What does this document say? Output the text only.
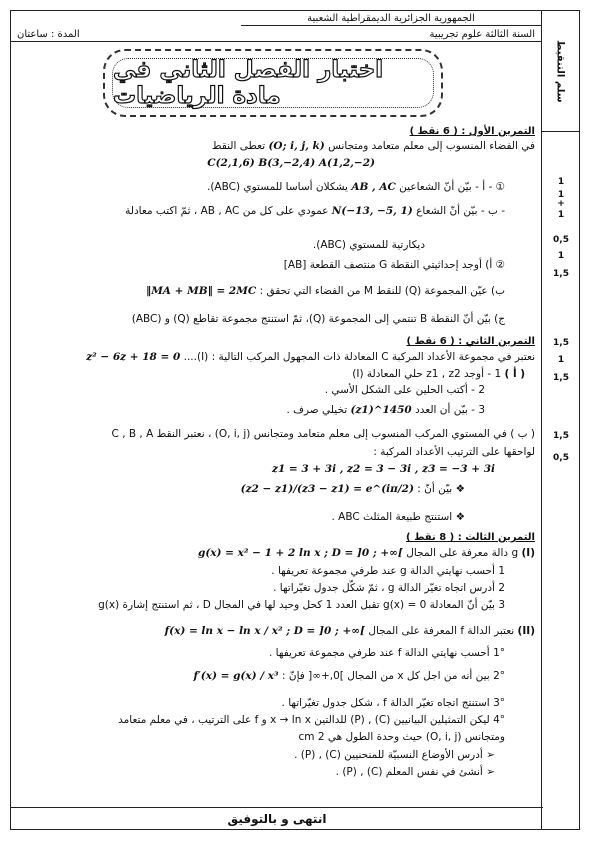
الجمهورية الجزائرية الديمقراطية الشعبية
السنة الثالثة علوم تجريبية
المدة : ساعتان
سلم التنقيط
1
1
+
1
0,5
1
1,5
1,5
1
1,5
1,5
0,5
اختبار الفصل الثاني في مادة الرياضيات
التمرين الأول : ( 6 نقط )
في الفضاء المنسوب إلى معلم متعامد ومتجانس (O; i, j, k) تعطى النقط
C(2,1,6) B(3,−2,4) A(1,2,−2)
① - أ - بيّن أنّ الشعاعين AB , AC يشكلان أساسا للمستوي (ABC).
- ب - بيّن أنّ الشعاع N(−13, −5, 1) عمودي على كل من AB , AC ، ثمّ اكتب معادلة
ديكارتية للمستوي (ABC).
② أ) أوجد إحداثيتي النقطة G منتصف القطعة [AB]
ب) عيّن المجموعة (Q) للنقط M من الفضاء التي تحقق : ‖MA + MB‖ = 2MC
ج) بيّن أنّ النقطة B تنتمي إلى المجموعة (Q)، ثمّ استنتج مجموعة تقاطع (Q) و (ABC)
التمرين الثاني : ( 6 نقط )
نعتبر في مجموعة الأعداد المركبة C المعادلة ذات المجهول المركب التالية : (I).... z² − 6z + 18 = 0
( أ ) 1 - أوجد z1 , z2 حلي المعادلة (I)
2 - أكتب الحلين على الشكل الأسي .
3 - بيّن أن العدد (z1)^1450 تخيلي صرف .
( ب ) في المستوي المركب المنسوب إلى معلم متعامد ومتجانس (O, i, j) ، نعتبر النقط C , B , A
لواحقها على الترتيب الأعداد المركبة :
z1 = 3 + 3i , z2 = 3 − 3i , z3 = −3 + 3i
❖ بيّن أنّ : (z2 − z1)/(z3 − z1) = e^(iπ/2)
❖ استنتج طبيعة المثلث ABC .
التمرين الثالث : ( 8 نقط )
(I) g دالة معرفة على المجال g(x) = x² − 1 + 2 ln x ; D = ]0 ; +∞[
1 أحسب نهايتي الدالة g عند طرفي مجموعة تعريفها .
2 أدرس اتجاه تغيّر الدالة g ، ثمّ شكّل جدول تغيّراتها .
3 بيّن أنّ المعادلة g(x) = 0 تقبل العدد 1 كحل وحيد لها في المجال D ، ثم استنتج إشارة g(x)
(II) نعتبر الدالة f المعرفة على المجال f(x) = ln x − ln x / x² ; D = ]0 ; +∞[
1° أحسب نهايتي الدالة f عند طرفي مجموعة تعريفها .
2° بين أنه من اجل كل x من المجال ]0,+∞[ فإنّ : f′(x) = g(x) / x³
3° استنتج اتجاه تغيّر الدالة f ، شكل جدول تغيّراتها .
4° ليكن التمثيلين البيانيين (C) , (P) للدالتين x → ln x و f على الترتيب ، في معلم متعامد
ومتجانس (O, i, j) حيث وحدة الطول هي 2 cm
➢ أدرس الأوضاع النسبيّة للمنحنيين (C) , (P) .
➢ أنشئ في نفس المعلم (C) , (P) .
انتهى و بالتوفيق
